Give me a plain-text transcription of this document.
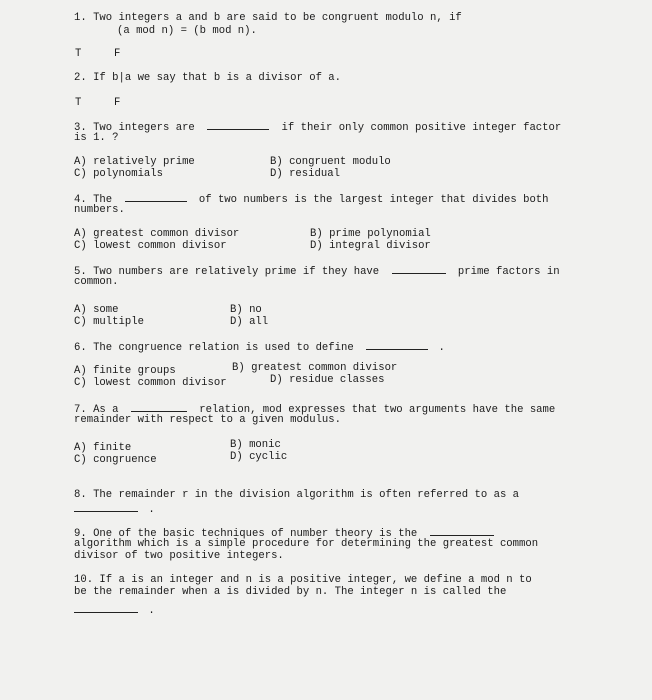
1. Two integers a and b are said to be congruent modulo n, if
(a mod n) = (b mod n).
T	F
2. If b|a we say that b is a divisor of a.
T	F
3. Two integers are	if their only common positive integer factor
is 1. ?
A) relatively prime	B) congruent modulo
C) polynomials	D) residual
4. The	of two numbers is the largest integer that divides both
numbers.
A) greatest common divisor	B) prime polynomial
C) lowest common divisor	D) integral divisor
5. Two numbers are relatively prime if they have	prime factors in
common.
A) some	B) no
C) multiple	D) all
6. The congruence relation is used to define	.
A) finite groups	B) greatest common divisor
C) lowest common divisor	D) residue classes
7. As a	relation, mod expresses that two arguments have the same
remainder with respect to a given modulus.
A) finite	B) monic
C) congruence	D) cyclic
8. The remainder r in the division algorithm is often referred to as a
.
9. One of the basic techniques of number theory is the
algorithm which is a simple procedure for determining the greatest common
divisor of two positive integers.
10. If a is an integer and n is a positive integer, we define a mod n to
be the remainder when a is divided by n. The integer n is called the
.
